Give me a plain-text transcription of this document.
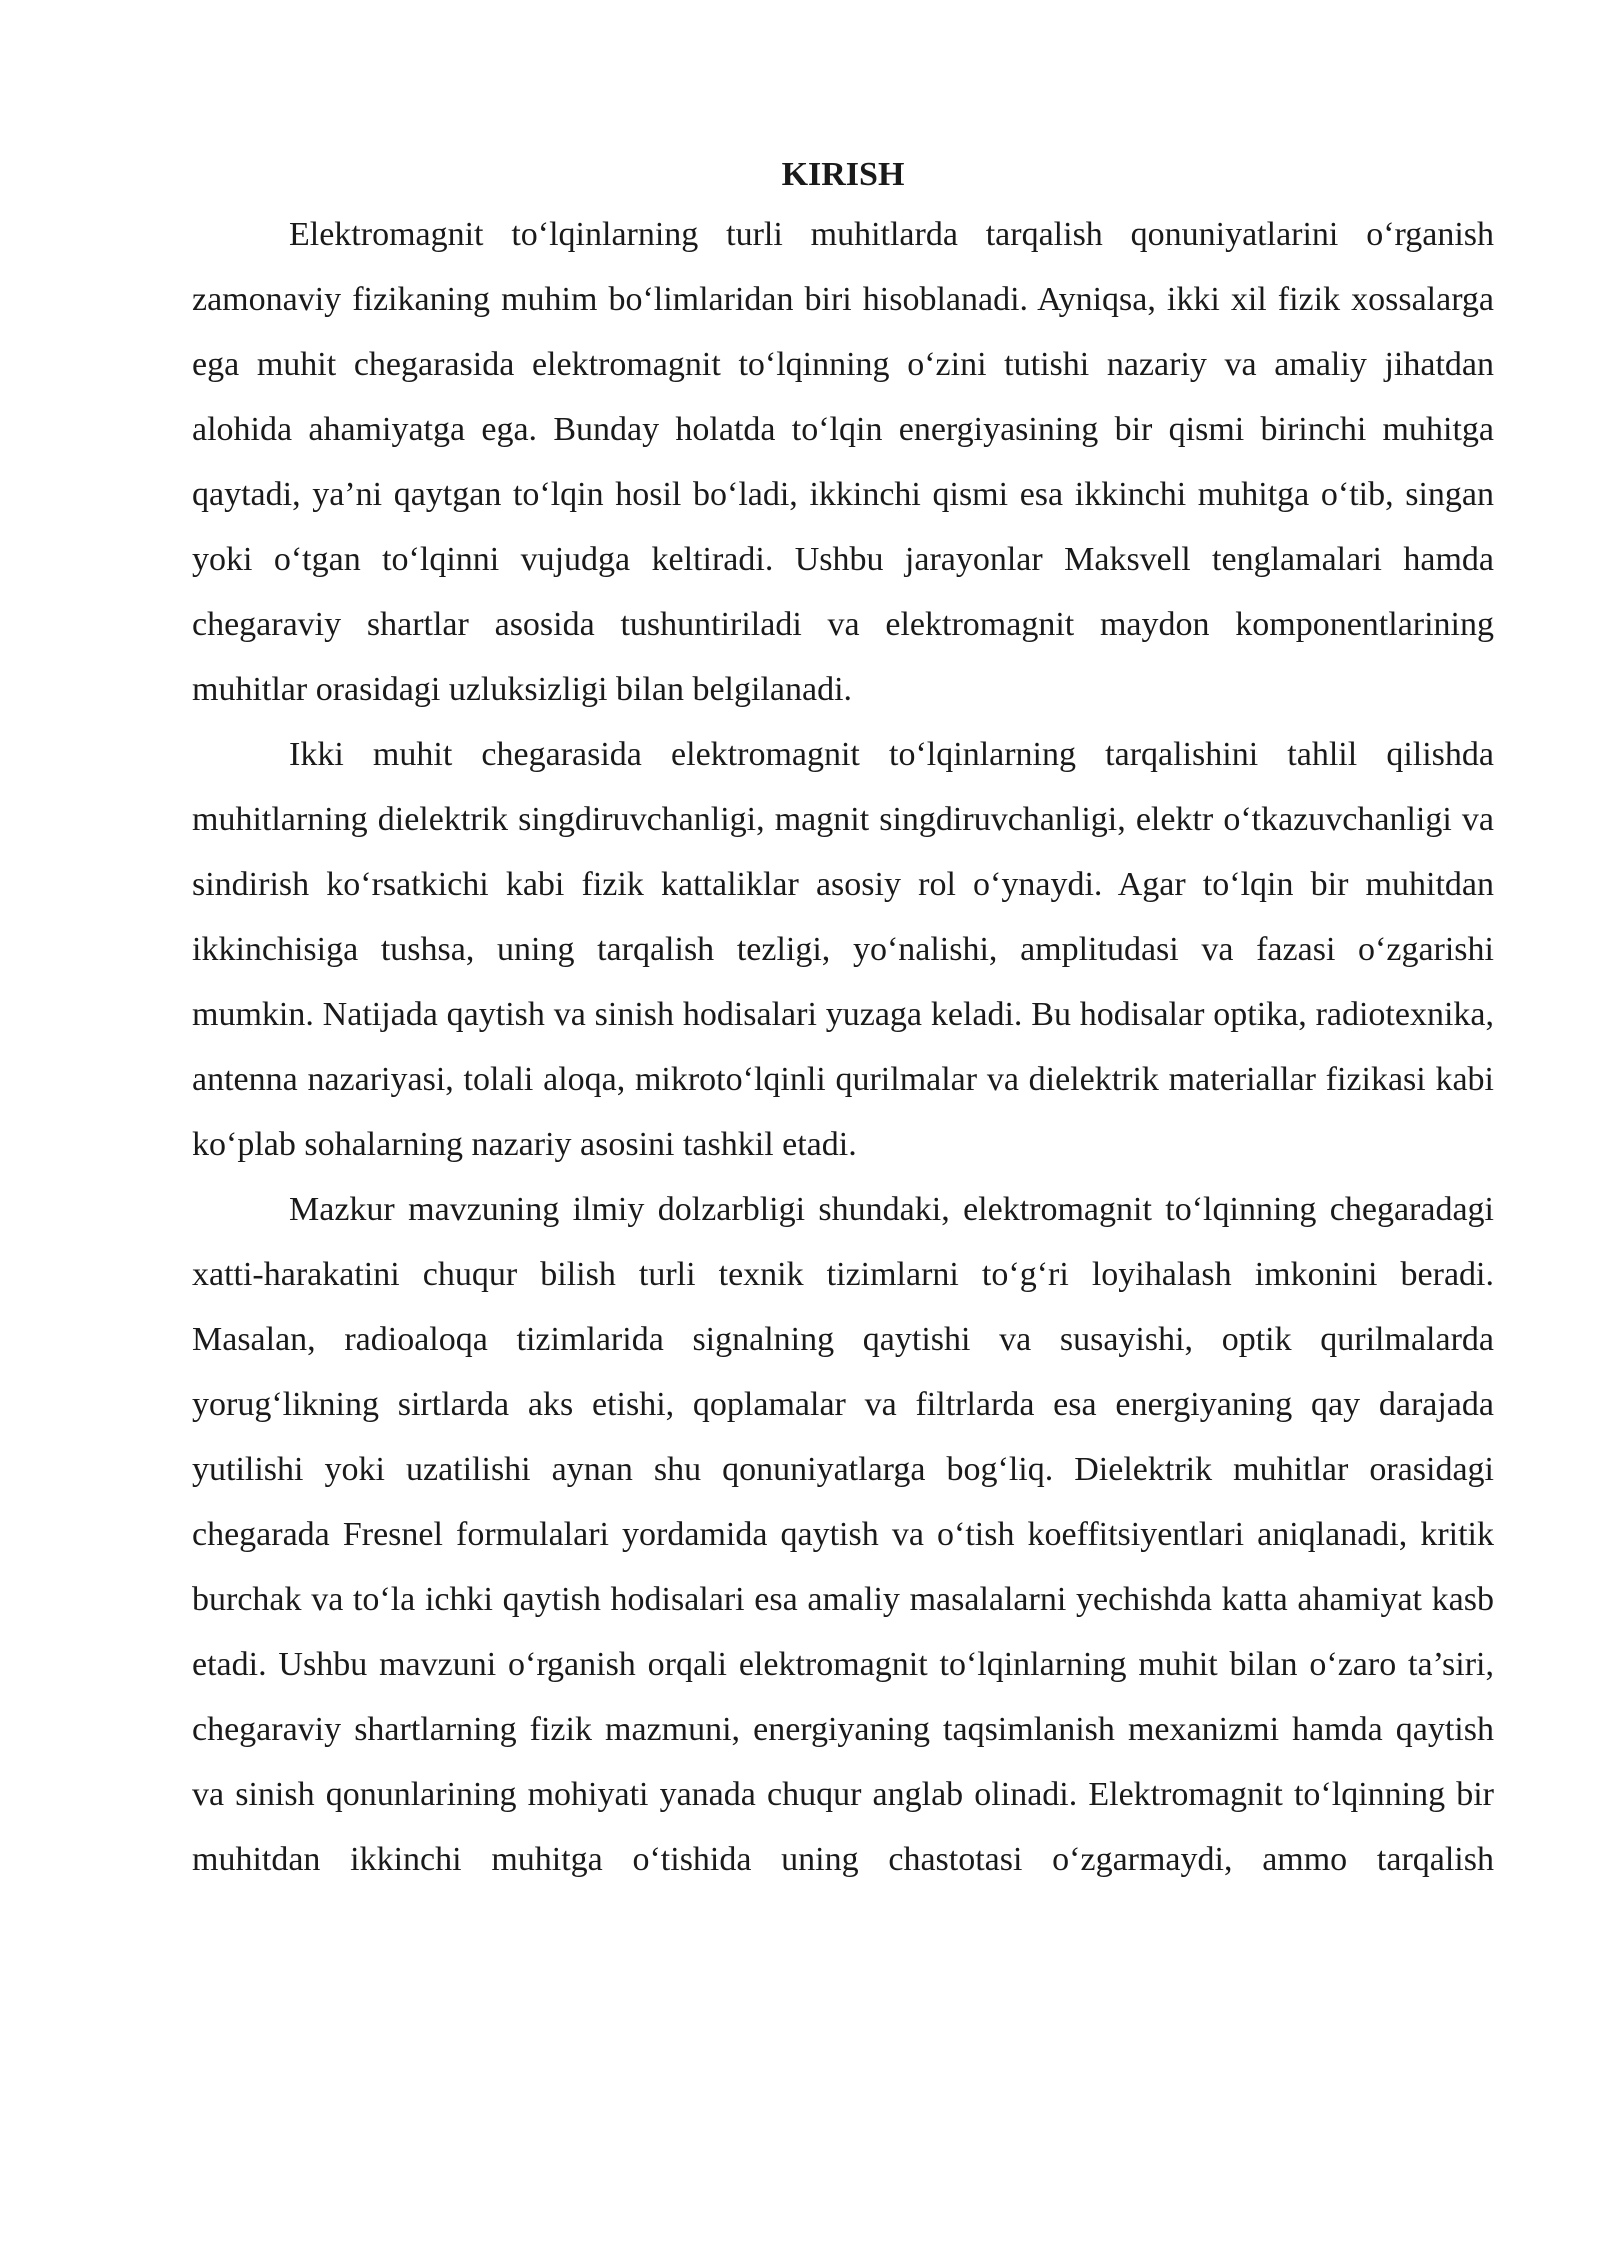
KIRISH

Elektromagnit to‘lqinlarning turli muhitlarda tarqalish qonuniyatlarini o‘rganish zamonaviy fizikaning muhim bo‘limlaridan biri hisoblanadi. Ayniqsa, ikki xil fizik xossalarga ega muhit chegarasida elektromagnit to‘lqinning o‘zini tutishi nazariy va amaliy jihatdan alohida ahamiyatga ega. Bunday holatda to‘lqin energiyasining bir qismi birinchi muhitga qaytadi, ya’ni qaytgan to‘lqin hosil bo‘ladi, ikkinchi qismi esa ikkinchi muhitga o‘tib, singan yoki o‘tgan to‘lqinni vujudga keltiradi. Ushbu jarayonlar Maksvell tenglamalari hamda chegaraviy shartlar asosida tushuntiriladi va elektromagnit maydon komponentlarining muhitlar orasidagi uzluksizligi bilan belgilanadi.

Ikki muhit chegarasida elektromagnit to‘lqinlarning tarqalishini tahlil qilishda muhitlarning dielektrik singdiruvchanligi, magnit singdiruvchanligi, elektr o‘tkazuvchanligi va sindirish ko‘rsatkichi kabi fizik kattaliklar asosiy rol o‘ynaydi. Agar to‘lqin bir muhitdan ikkinchisiga tushsa, uning tarqalish tezligi, yo‘nalishi, amplitudasi va fazasi o‘zgarishi mumkin. Natijada qaytish va sinish hodisalari yuzaga keladi. Bu hodisalar optika, radiotexnika, antenna nazariyasi, tolali aloqa, mikroto‘lqinli qurilmalar va dielektrik materiallar fizikasi kabi ko‘plab sohalarning nazariy asosini tashkil etadi.

Mazkur mavzuning ilmiy dolzarbligi shundaki, elektromagnit to‘lqinning chegaradagi xatti-harakatini chuqur bilish turli texnik tizimlarni to‘g‘ri loyihalash imkonini beradi. Masalan, radioaloqa tizimlarida signalning qaytishi va susayishi, optik qurilmalarda yorug‘likning sirtlarda aks etishi, qoplamalar va filtrlarda esa energiyaning qay darajada yutilishi yoki uzatilishi aynan shu qonuniyatlarga bog‘liq. Dielektrik muhitlar orasidagi chegarada Fresnel formulalari yordamida qaytish va o‘tish koeffitsiyentlari aniqlanadi, kritik burchak va to‘la ichki qaytish hodisalari esa amaliy masalalarni yechishda katta ahamiyat kasb etadi. Ushbu mavzuni o‘rganish orqali elektromagnit to‘lqinlarning muhit bilan o‘zaro ta’siri, chegaraviy shartlarning fizik mazmuni, energiyaning taqsimlanish mexanizmi hamda qaytish va sinish qonunlarining mohiyati yanada chuqur anglab olinadi. Elektromagnit to‘lqinning bir muhitdan ikkinchi muhitga o‘tishida uning chastotasi o‘zgarmaydi, ammo tarqalish
